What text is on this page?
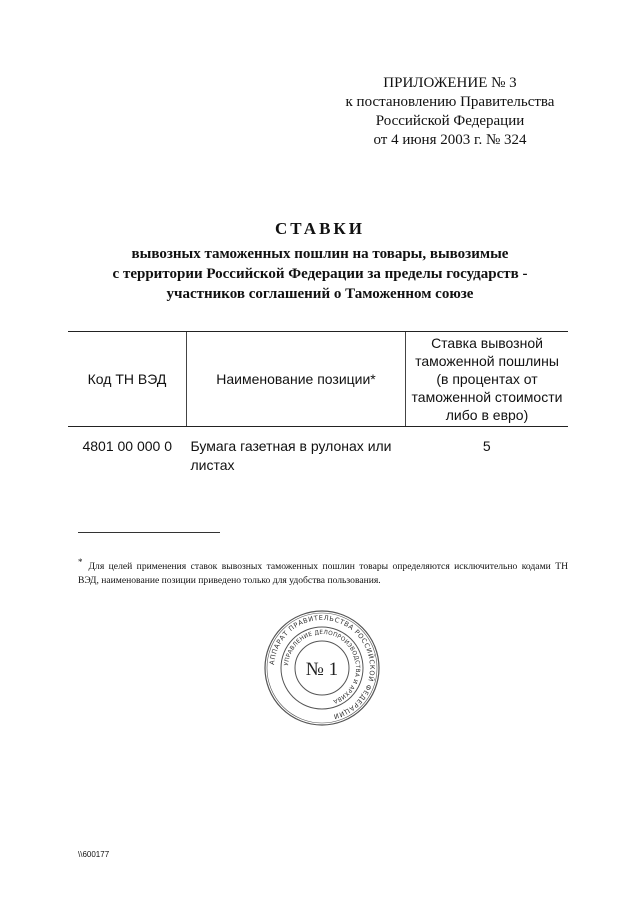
ПРИЛОЖЕНИЕ № 3
к постановлению Правительства
Российской Федерации
от 4 июня 2003 г. № 324
СТАВКИ
вывозных таможенных пошлин на товары, вывозимые
с территории Российской Федерации за пределы государств -
участников соглашений о Таможенном союзе
Код ТН ВЭД	Наименование позиции*	Ставка вывозной
таможенной пошлины
(в процентах от
таможенной стоимости
либо в евро)

4801 00 000 0	Бумага газетная в рулонах или листах	5
* Для целей применения ставок вывозных таможенных пошлин товары определяются исключительно кодами ТН ВЭД, наименование позиции приведено только для удобства пользования.
АППАРАТ ПРАВИТЕЛЬСТВА РОССИЙСКОЙ ФЕДЕРАЦИИ
УПРАВЛЕНИЕ ДЕЛОПРОИЗВОДСТВА И АРХИВА
№ 1
\\600177
